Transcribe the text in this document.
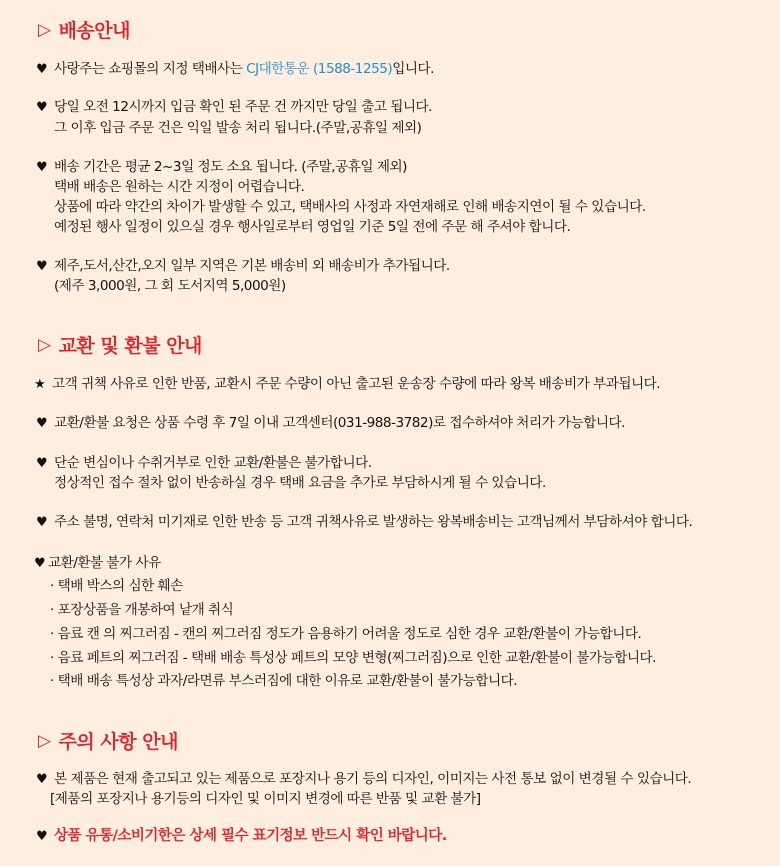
▷ 배송안내
♥ 사랑주는 쇼핑몰의 지정 택배사는 CJ대한통운 (1588-1255)입니다.
♥ 당일 오전 12시까지 입금 확인 된 주문 건 까지만 당일 출고 됩니다.
그 이후 입금 주문 건은 익일 발송 처리 됩니다.(주말,공휴일 제외)
♥ 배송 기간은 평균 2~3일 정도 소요 됩니다. (주말,공휴일 제외)
택배 배송은 원하는 시간 지정이 어렵습니다.
상품에 따라 약간의 차이가 발생할 수 있고, 택배사의 사정과 자연재해로 인해 배송지연이 될 수 있습니다.
예정된 행사 일정이 있으실 경우 행사일로부터 영업일 기준 5일 전에 주문 해 주셔야 합니다.
♥ 제주,도서,산간,오지 일부 지역은 기본 배송비 외 배송비가 추가됩니다.
(제주 3,000원, 그 회 도서지역 5,000원)
▷ 교환 및 환불 안내
★ 고객 귀책 사유로 인한 반품, 교환시 주문 수량이 아닌 출고된 운송장 수량에 따라 왕복 배송비가 부과됩니다.
♥ 교환/환불 요청은 상품 수령 후 7일 이내 고객센터(031-988-3782)로 접수하셔야 처리가 가능합니다.
♥ 단순 변심이나 수취거부로 인한 교환/환불은 불가합니다.
정상적인 접수 절차 없이 반송하실 경우 택배 요금을 추가로 부담하시게 될 수 있습니다.
♥ 주소 불명, 연락처 미기재로 인한 반송 등 고객 귀책사유로 발생하는 왕복배송비는 고객님께서 부담하셔야 합니다.
♥ 교환/환불 불가 사유
· 택배 박스의 심한 훼손
· 포장상품을 개봉하여 낱개 취식
· 음료 캔 의 찌그러짐 - 캔의 찌그러짐 정도가 음용하기 어려울 정도로 심한 경우 교환/환불이 가능합니다.
· 음료 페트의 찌그러짐 - 택배 배송 특성상 페트의 모양 변형(찌그러짐)으로 인한 교환/환불이 불가능합니다.
· 택배 배송 특성상 과자/라면류 부스러짐에 대한 이유로 교환/환불이 불가능합니다.
▷ 주의 사항 안내
♥ 본 제품은 현재 출고되고 있는 제품으로 포장지나 용기 등의 디자인, 이미지는 사전 통보 없이 변경될 수 있습니다.
[제품의 포장지나 용기등의 디자인 및 이미지 변경에 따른 반품 및 교환 불가]
♥ 상품 유통/소비기한은 상세 필수 표기정보 반드시 확인 바랍니다.
